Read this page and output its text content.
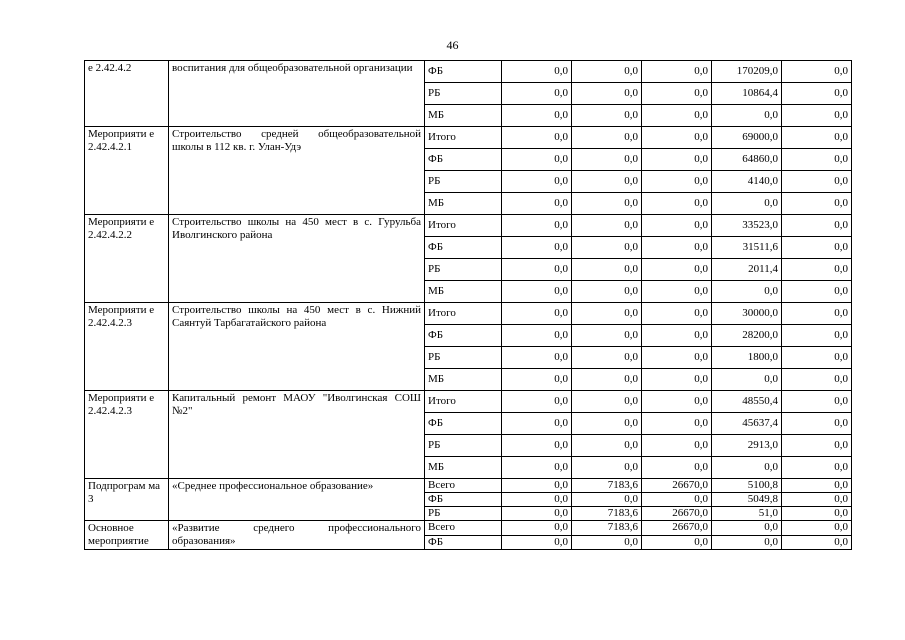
46
е 2.42.4.2	воспитания для общеобразовательной организации	ФБ	0,0	0,0	0,0	170209,0	0,0
		РБ	0,0	0,0	0,0	10864,4	0,0
		МБ	0,0	0,0	0,0	0,0	0,0
Мероприяти е 2.42.4.2.1	Строительство средней общеобразовательной школы в 112 кв. г. Улан-Удэ	Итого	0,0	0,0	0,0	69000,0	0,0
		ФБ	0,0	0,0	0,0	64860,0	0,0
		РБ	0,0	0,0	0,0	4140,0	0,0
		МБ	0,0	0,0	0,0	0,0	0,0
Мероприяти е 2.42.4.2.2	Строительство школы на 450 мест в с. Гурульба Иволгинского района	Итого	0,0	0,0	0,0	33523,0	0,0
		ФБ	0,0	0,0	0,0	31511,6	0,0
		РБ	0,0	0,0	0,0	2011,4	0,0
		МБ	0,0	0,0	0,0	0,0	0,0
Мероприяти е 2.42.4.2.3	Строительство школы на 450 мест в с. Нижний Саянтуй Тарбагатайского района	Итого	0,0	0,0	0,0	30000,0	0,0
		ФБ	0,0	0,0	0,0	28200,0	0,0
		РБ	0,0	0,0	0,0	1800,0	0,0
		МБ	0,0	0,0	0,0	0,0	0,0
Мероприяти е 2.42.4.2.3	Капитальный ремонт МАОУ "Иволгинская СОШ №2"	Итого	0,0	0,0	0,0	48550,4	0,0
		ФБ	0,0	0,0	0,0	45637,4	0,0
		РБ	0,0	0,0	0,0	2913,0	0,0
		МБ	0,0	0,0	0,0	0,0	0,0
Подпрограм ма 3	«Среднее профессиональное образование»	Всего	0,0	7183,6	26670,0	5100,8	0,0
		ФБ	0,0	0,0	0,0	5049,8	0,0
		РБ	0,0	7183,6	26670,0	51,0	0,0
Основное мероприятие	«Развитие среднего профессионального образования»	Всего	0,0	7183,6	26670,0	0,0	0,0
		ФБ	0,0	0,0	0,0	0,0	0,0
